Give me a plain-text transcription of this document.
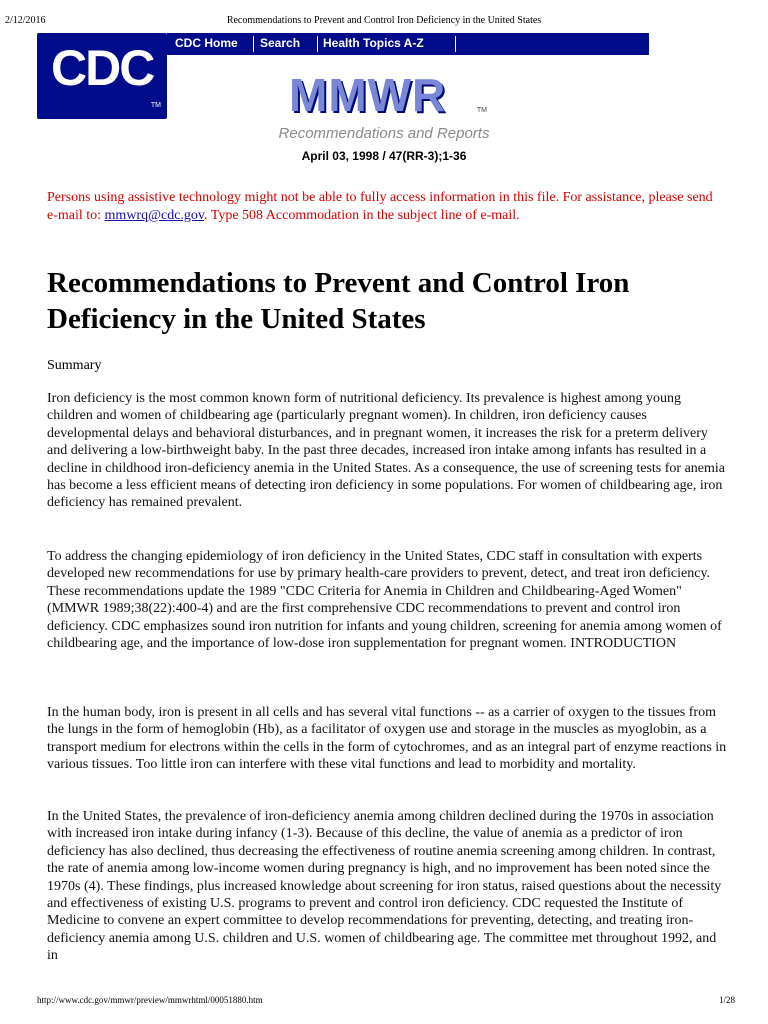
2/12/2016	Recommendations to Prevent and Control Iron Deficiency in the United States
CDC
TM
CDC Home Search Health Topics A-Z
MMWR	TM
Recommendations and Reports
April 03, 1998 / 47(RR-3);1-36

Persons using assistive technology might not be able to fully access information in this file. For assistance, please send e-mail to: mmwrq@cdc.gov. Type 508 Accommodation in the subject line of e-mail.

Recommendations to Prevent and Control Iron Deficiency in the United States
Summary

Iron deficiency is the most common known form of nutritional deficiency. Its prevalence is highest among young children and women of childbearing age (particularly pregnant women). In children, iron deficiency causes developmental delays and behavioral disturbances, and in pregnant women, it increases the risk for a preterm delivery and delivering a low-birthweight baby. In the past three decades, increased iron intake among infants has resulted in a decline in childhood iron-deficiency anemia in the United States. As a consequence, the use of screening tests for anemia has become a less efficient means of detecting iron deficiency in some populations. For women of childbearing age, iron deficiency has remained prevalent.

To address the changing epidemiology of iron deficiency in the United States, CDC staff in consultation with experts developed new recommendations for use by primary health-care providers to prevent, detect, and treat iron deficiency. These recommendations update the 1989 "CDC Criteria for Anemia in Children and Childbearing-Aged Women" (MMWR 1989;38(22):400-4) and are the first comprehensive CDC recommendations to prevent and control iron deficiency. CDC emphasizes sound iron nutrition for infants and young children, screening for anemia among women of childbearing age, and the importance of low-dose iron supplementation for pregnant women. INTRODUCTION

In the human body, iron is present in all cells and has several vital functions -- as a carrier of oxygen to the tissues from the lungs in the form of hemoglobin (Hb), as a facilitator of oxygen use and storage in the muscles as myoglobin, as a transport medium for electrons within the cells in the form of cytochromes, and as an integral part of enzyme reactions in various tissues. Too little iron can interfere with these vital functions and lead to morbidity and mortality.

In the United States, the prevalence of iron-deficiency anemia among children declined during the 1970s in association with increased iron intake during infancy (1-3). Because of this decline, the value of anemia as a predictor of iron deficiency has also declined, thus decreasing the effectiveness of routine anemia screening among children. In contrast, the rate of anemia among low-income women during pregnancy is high, and no improvement has been noted since the 1970s (4). These findings, plus increased knowledge about screening for iron status, raised questions about the necessity and effectiveness of existing U.S. programs to prevent and control iron deficiency. CDC requested the Institute of Medicine to convene an expert committee to develop recommendations for preventing, detecting, and treating iron-deficiency anemia among U.S. children and U.S. women of childbearing age. The committee met throughout 1992, and in

http://www.cdc.gov/mmwr/preview/mmwrhtml/00051880.htm	1/28
